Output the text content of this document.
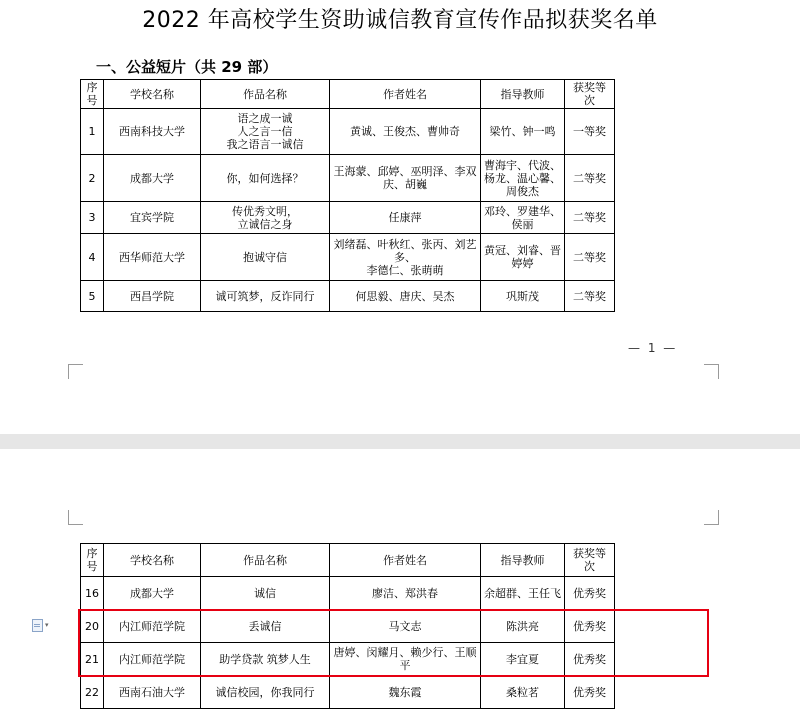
2022 年高校学生资助诚信教育宣传作品拟获奖名单
一、公益短片（共 29 部）
序号	学校名称	作品名称	作者姓名	指导教师	获奖等次
1	西南科技大学	语之成一诚
人之言一信
我之语言一诚信	黄诚、王俊杰、曹帅奇	梁竹、钟一鸣	一等奖
2	成都大学	你，如何选择？	王海蒙、邱婷、巫明泽、李双庆、胡巍	曹海宇、代波、杨龙、温心馨、周俊杰	二等奖
3	宜宾学院	传优秀文明，
立诚信之身	任康萍	邓玲、罗建华、侯丽	二等奖
4	西华师范大学	抱诚守信	刘绪磊、叶秋红、张丙、刘艺多、
李德仁、张萌萌	黄冠、刘睿、晋婷婷	二等奖
5	西昌学院	诚可筑梦，反诈同行	何思毅、唐庆、吴杰	巩斯茂	二等奖
— 1 —
序号	学校名称	作品名称	作者姓名	指导教师	获奖等次
16	成都大学	诚信	廖洁、郑洪春	余超群、王任飞	优秀奖
20	内江师范学院	丢诚信	马文志	陈洪亮	优秀奖
21	内江师范学院	助学贷款 筑梦人生	唐婷、闵耀月、赖少行、王顺平	李宜夏	优秀奖
22	西南石油大学	诚信校园，你我同行	魏东霞	桑粒茗	优秀奖
▾
